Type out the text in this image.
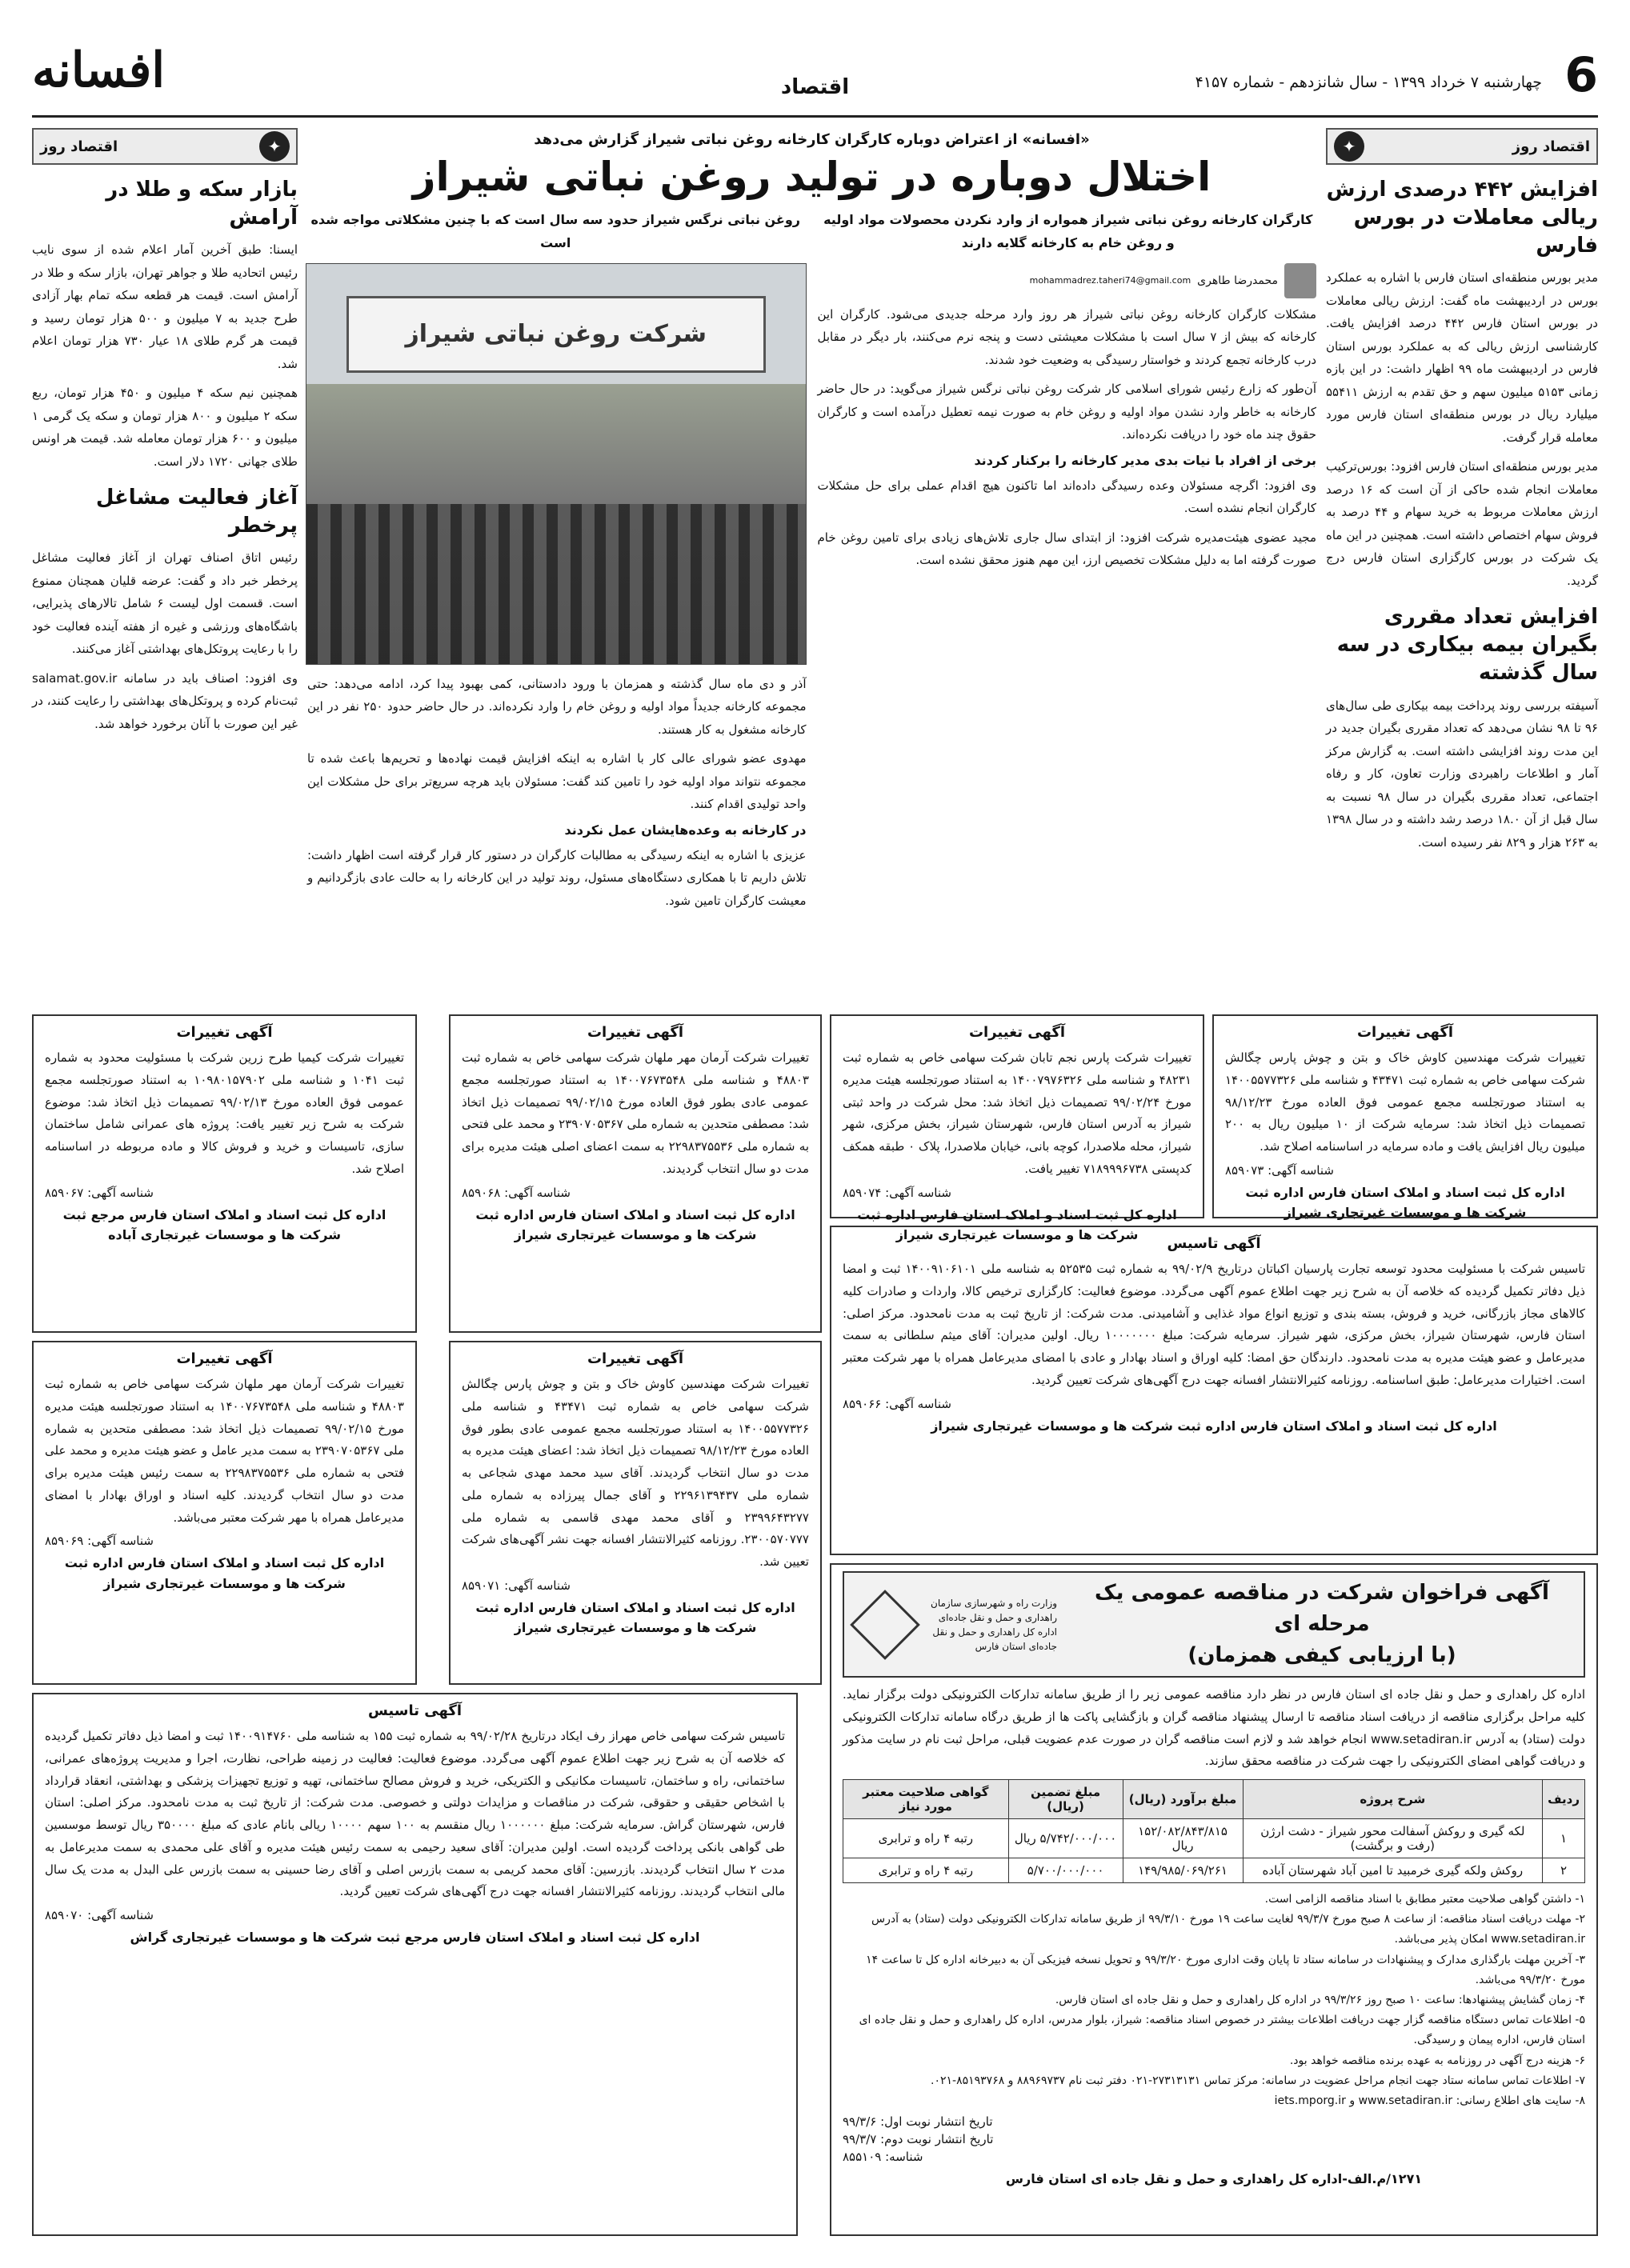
6
چهارشنبه ۷ خرداد ۱۳۹۹ - سال شانزدهم - شماره ۴۱۵۷
اقتصاد
افسانه
اقتصاد روز
✦
افزایش ۴۴۲ درصدی ارزش ریالی معاملات در بورس فارس

مدیر بورس منطقه‌ای استان فارس با اشاره به عملکرد بورس در اردیبهشت ماه گفت: ارزش ریالی معاملات در بورس استان فارس ۴۴۲ درصد افزایش یافت. کارشناسی ارزش ریالی که به عملکرد بورس استان فارس در اردیبهشت ماه ۹۹ اظهار داشت: در این بازه زمانی ۵۱۵۳ میلیون سهم و حق تقدم به ارزش ۵۵۴۱۱ میلیارد ریال در بورس منطقه‌ای استان فارس مورد معامله قرار گرفت.

مدیر بورس منطقه‌ای استان فارس افزود: بورس‌ترکیب معاملات انجام شده حاکی از آن است که ۱۶ درصد ارزش معاملات مربوط به خرید سهام و ۴۴ درصد به فروش سهام اختصاص داشته است. همچنین در این ماه یک شرکت در بورس کارگزاری استان فارس درج گردید.

افزایش تعداد مقرری بگیران بیمه بیکاری در سه سال گذشته

آسیفته بررسی روند پرداخت بیمه بیکاری طی سال‌های ۹۶ تا ۹۸ نشان می‌دهد که تعداد مقرری بگیران جدید در این مدت روند افزایشی داشته است. به گزارش مرکز آمار و اطلاعات راهبردی وزارت تعاون، کار و رفاه اجتماعی، تعداد مقرری بگیران در سال ۹۸ نسبت به سال قبل از آن ۱۸.۰ درصد رشد داشته و در سال ۱۳۹۸ به ۲۶۳ هزار و ۸۲۹ نفر رسیده است.

✦
اقتصاد روز
بازار سکه و طلا در آرامش

ایسنا: طبق آخرین آمار اعلام شده از سوی نایب رئیس اتحادیه طلا و جواهر تهران، بازار سکه و طلا در آرامش است. قیمت هر قطعه سکه تمام بهار آزادی طرح جدید به ۷ میلیون و ۵۰۰ هزار تومان رسید و قیمت هر گرم طلای ۱۸ عیار ۷۳۰ هزار تومان اعلام شد.

همچنین نیم سکه ۴ میلیون و ۴۵۰ هزار تومان، ربع سکه ۲ میلیون و ۸۰۰ هزار تومان و سکه یک گرمی ۱ میلیون و ۶۰۰ هزار تومان معامله شد. قیمت هر اونس طلای جهانی ۱۷۲۰ دلار است.

آغاز فعالیت مشاغل پرخطر

رئیس اتاق اصناف تهران از آغاز فعالیت مشاغل پرخطر خبر داد و گفت: عرضه قلیان همچنان ممنوع است. قسمت اول لیست ۶ شامل تالارهای پذیرایی، باشگاه‌های ورزشی و غیره از هفته آینده فعالیت خود را با رعایت پروتکل‌های بهداشتی آغاز می‌کنند.

وی افزود: اصناف باید در سامانه salamat.gov.ir ثبت‌نام کرده و پروتکل‌های بهداشتی را رعایت کنند، در غیر این صورت با آنان برخورد خواهد شد.

«افسانه» از اعتراض دوباره کارگران کارخانه روغن نباتی شیراز گزارش می‌دهد
اختلال دوباره در تولید روغن نباتی شیراز

کارگران کارخانه روغن نباتی شیراز همواره از وارد نکردن محصولات مواد اولیه و روغن خام به کارخانه گلایه دارند

روغن نباتی نرگس شیراز حدود سه سال است که با چنین مشکلاتی مواجه شده است

محمدرضا طاهری
mohammadrez.taheri74@gmail.com

مشکلات کارگران کارخانه روغن نباتی شیراز هر روز وارد مرحله جدیدی می‌شود. کارگران این کارخانه که بیش از ۷ سال است با مشکلات معیشتی دست و پنجه نرم می‌کنند، بار دیگر در مقابل درب کارخانه تجمع کردند و خواستار رسیدگی به وضعیت خود شدند.

آن‌طور که زارع رئیس شورای اسلامی کار شرکت روغن نباتی نرگس شیراز می‌گوید: در حال حاضر کارخانه به خاطر وارد نشدن مواد اولیه و روغن خام به صورت نیمه تعطیل درآمده است و کارگران حقوق چند ماه خود را دریافت نکرده‌اند.

برخی از افراد با نیات بدی مدیر کارخانه را برکنار کردند

وی افزود: اگرچه مسئولان وعده رسیدگی داده‌اند اما تاکنون هیچ اقدام عملی برای حل مشکلات کارگران انجام نشده است.

مجید عضوی هیئت‌مدیره شرکت افزود: از ابتدای سال جاری تلاش‌های زیادی برای تامین روغن خام صورت گرفته اما به دلیل مشکلات تخصیص ارز، این مهم هنوز محقق نشده است.

شرکت روغن نباتی شیراز

آذر و دی ماه سال گذشته و همزمان با ورود دادستانی، کمی بهبود پیدا کرد، ادامه می‌دهد: حتی مجموعه کارخانه جدیداً مواد اولیه و روغن خام را وارد نکرده‌اند. در حال حاضر حدود ۲۵۰ نفر در این کارخانه مشغول به کار هستند.

مهدوی عضو شورای عالی کار با اشاره به اینکه افزایش قیمت نهاده‌ها و تحریم‌ها باعث شده تا مجموعه نتواند مواد اولیه خود را تامین کند گفت: مسئولان باید هرچه سریع‌تر برای حل مشکلات این واحد تولیدی اقدام کنند.

در کارخانه به وعده‌هایشان عمل نکردند

عزیزی با اشاره به اینکه رسیدگی به مطالبات کارگران در دستور کار قرار گرفته است اظهار داشت: تلاش داریم تا با همکاری دستگاه‌های مسئول، روند تولید در این کارخانه را به حالت عادی بازگردانیم و معیشت کارگران تامین شود.

آگهی تغییرات

تغییرات شرکت مهندسین کاوش خاک و بتن و چوش پارس چگالش شرکت سهامی خاص به شماره ثبت ۴۳۴۷۱ و شناسه ملی ۱۴۰۰۵۵۷۷۳۲۶ به استناد صورتجلسه مجمع عمومی فوق العاده مورخ ۹۸/۱۲/۲۳ تصمیمات ذیل اتخاذ شد: سرمایه شرکت از ۱۰ میلیون ریال به ۲۰۰ میلیون ریال افزایش یافت و ماده سرمایه در اساسنامه اصلاح شد.

شناسه آگهی: ۸۵۹۰۷۳
اداره کل ثبت اسناد و املاک استان فارس اداره ثبت شرکت ها و موسسات غیرتجاری شیراز
آگهی تغییرات

تغییرات شرکت پارس نجم تابان شرکت سهامی خاص به شماره ثبت ۴۸۲۳۱ و شناسه ملی ۱۴۰۰۷۹۷۶۳۲۶ به استناد صورتجلسه هیئت مدیره مورخ ۹۹/۰۲/۲۴ تصمیمات ذیل اتخاذ شد: محل شرکت در واحد ثبتی شیراز به آدرس استان فارس، شهرستان شیراز، بخش مرکزی، شهر شیراز، محله ملاصدرا، کوچه بانی، خیابان ملاصدرا، پلاک ۰ طبقه همکف کدپستی ۷۱۸۹۹۹۶۷۳۸ تغییر یافت.

شناسه آگهی: ۸۵۹۰۷۴
اداره کل ثبت اسناد و املاک استان فارس اداره ثبت شرکت ها و موسسات غیرتجاری شیراز
آگهی تغییرات

تغییرات شرکت آرمان مهر ملهان شرکت سهامی خاص به شماره ثبت ۴۸۸۰۳ و شناسه ملی ۱۴۰۰۷۶۷۳۵۴۸ به استناد صورتجلسه مجمع عمومی عادی بطور فوق العاده مورخ ۹۹/۰۲/۱۵ تصمیمات ذیل اتخاذ شد: مصطفی متحدین به شماره ملی ۲۳۹۰۷۰۵۳۶۷ و محمد علی فتحی به شماره ملی ۲۲۹۸۳۷۵۵۳۶ به سمت اعضای اصلی هیئت مدیره برای مدت دو سال انتخاب گردیدند.

شناسه آگهی: ۸۵۹۰۶۸
اداره کل ثبت اسناد و املاک استان فارس اداره ثبت شرکت ها و موسسات غیرتجاری شیراز
آگهی تغییرات

تغییرات شرکت کیمیا طرح زرین شرکت با مسئولیت محدود به شماره ثبت ۱۰۴۱ و شناسه ملی ۱۰۹۸۰۱۵۷۹۰۲ به استناد صورتجلسه مجمع عمومی فوق العاده مورخ ۹۹/۰۲/۱۳ تصمیمات ذیل اتخاذ شد: موضوع شرکت به شرح زیر تغییر یافت: پروژه های عمرانی شامل ساختمان سازی، تاسیسات و خرید و فروش کالا و ماده مربوطه در اساسنامه اصلاح شد.

شناسه آگهی: ۸۵۹۰۶۷
اداره کل ثبت اسناد و املاک استان فارس مرجع ثبت شرکت ها و موسسات غیرتجاری آباده
آگهی تاسیس

تاسیس شرکت با مسئولیت محدود توسعه تجارت پارسیان اکباتان درتاریخ ۹۹/۰۲/۹ به شماره ثبت ۵۲۵۳۵ به شناسه ملی ۱۴۰۰۹۱۰۶۱۰۱ ثبت و امضا ذیل دفاتر تکمیل گردیده که خلاصه آن به شرح زیر جهت اطلاع عموم آگهی می‌گردد. موضوع فعالیت: کارگزاری ترخیص کالا، واردات و صادرات کلیه کالاهای مجاز بازرگانی، خرید و فروش، بسته بندی و توزیع انواع مواد غذایی و آشامیدنی. مدت شرکت: از تاریخ ثبت به مدت نامحدود. مرکز اصلی: استان فارس، شهرستان شیراز، بخش مرکزی، شهر شیراز. سرمایه شرکت: مبلغ ۱۰۰۰۰۰۰۰ ریال. اولین مدیران: آقای میثم سلطانی به سمت مدیرعامل و عضو هیئت مدیره به مدت نامحدود. دارندگان حق امضا: کلیه اوراق و اسناد بهادار و عادی با امضای مدیرعامل همراه با مهر شرکت معتبر است. اختیارات مدیرعامل: طبق اساسنامه. روزنامه کثیرالانتشار افسانه جهت درج آگهی‌های شرکت تعیین گردید.

شناسه آگهی: ۸۵۹۰۶۶
اداره کل ثبت اسناد و املاک استان فارس اداره ثبت شرکت ها و موسسات غیرتجاری شیراز
آگهی تغییرات

تغییرات شرکت مهندسین کاوش خاک و بتن و چوش پارس چگالش شرکت سهامی خاص به شماره ثبت ۴۳۴۷۱ و شناسه ملی ۱۴۰۰۵۵۷۷۳۲۶ به استناد صورتجلسه مجمع عمومی عادی بطور فوق العاده مورخ ۹۸/۱۲/۲۳ تصمیمات ذیل اتخاذ شد: اعضای هیئت مدیره به مدت دو سال انتخاب گردیدند. آقای سید محمد مهدی شجاعی به شماره ملی ۲۲۹۶۱۳۹۴۳۷ و آقای جمال پیرزاده به شماره ملی ۲۳۹۹۶۴۳۲۷۷ و آقای محمد مهدی قاسمی به شماره ملی ۲۳۰۰۵۷۰۷۷۷. روزنامه کثیرالانتشار افسانه جهت نشر آگهی‌های شرکت تعیین شد.

شناسه آگهی: ۸۵۹۰۷۱
اداره کل ثبت اسناد و املاک استان فارس اداره ثبت شرکت ها و موسسات غیرتجاری شیراز
آگهی تغییرات

تغییرات شرکت آرمان مهر ملهان شرکت سهامی خاص به شماره ثبت ۴۸۸۰۳ و شناسه ملی ۱۴۰۰۷۶۷۳۵۴۸ به استناد صورتجلسه هیئت مدیره مورخ ۹۹/۰۲/۱۵ تصمیمات ذیل اتخاذ شد: مصطفی متحدین به شماره ملی ۲۳۹۰۷۰۵۳۶۷ به سمت مدیر عامل و عضو هیئت مدیره و محمد علی فتحی به شماره ملی ۲۲۹۸۳۷۵۵۳۶ به سمت رئیس هیئت مدیره برای مدت دو سال انتخاب گردیدند. کلیه اسناد و اوراق بهادار با امضای مدیرعامل همراه با مهر شرکت معتبر می‌باشد.

شناسه آگهی: ۸۵۹۰۶۹
اداره کل ثبت اسناد و املاک استان فارس اداره ثبت شرکت ها و موسسات غیرتجاری شیراز
آگهی تاسیس

تاسیس شرکت سهامی خاص مهراز رف ایکاد درتاریخ ۹۹/۰۲/۲۸ به شماره ثبت ۱۵۵ به شناسه ملی ۱۴۰۰۹۱۴۷۶۰ ثبت و امضا ذیل دفاتر تکمیل گردیده که خلاصه آن به شرح زیر جهت اطلاع عموم آگهی می‌گردد. موضوع فعالیت: فعالیت در زمینه طراحی، نظارت، اجرا و مدیریت پروژه‌های عمرانی، ساختمانی، راه و ساختمان، تاسیسات مکانیکی و الکتریکی، خرید و فروش مصالح ساختمانی، تهیه و توزیع تجهیزات پزشکی و بهداشتی، انعقاد قرارداد با اشخاص حقیقی و حقوقی، شرکت در مناقصات و مزایدات دولتی و خصوصی. مدت شرکت: از تاریخ ثبت به مدت نامحدود. مرکز اصلی: استان فارس، شهرستان گراش. سرمایه شرکت: مبلغ ۱۰۰۰۰۰۰ ریال منقسم به ۱۰۰ سهم ۱۰۰۰۰ ریالی بانام عادی که مبلغ ۳۵۰۰۰۰ ریال توسط موسسین طی گواهی بانکی پرداخت گردیده است. اولین مدیران: آقای سعید رحیمی به سمت رئیس هیئت مدیره و آقای علی محمدی به سمت مدیرعامل به مدت ۲ سال انتخاب گردیدند. بازرسین: آقای محمد کریمی به سمت بازرس اصلی و آقای رضا حسینی به سمت بازرس علی البدل به مدت یک سال مالی انتخاب گردیدند. روزنامه کثیرالانتشار افسانه جهت درج آگهی‌های شرکت تعیین گردید.

شناسه آگهی: ۸۵۹۰۷۰
اداره کل ثبت اسناد و املاک استان فارس مرجع ثبت شرکت ها و موسسات غیرتجاری گراش
آگهی فراخوان شرکت در مناقصه عمومی یک مرحله ای
(با ارزیابی کیفی همزمان)
وزارت راه و شهرسازی سازمان راهداری و حمل و نقل جاده‌ای اداره کل راهداری و حمل و نقل جاده‌ای استان فارس

اداره کل راهداری و حمل و نقل جاده ای استان فارس در نظر دارد مناقصه عمومی زیر را از طریق سامانه تدارکات الکترونیکی دولت برگزار نماید. کلیه مراحل برگزاری مناقصه از دریافت اسناد مناقصه تا ارسال پیشنهاد مناقصه گران و بازگشایی پاکت ها از طریق درگاه سامانه تدارکات الکترونیکی دولت (ستاد) به آدرس www.setadiran.ir انجام خواهد شد و لازم است مناقصه گران در صورت عدم عضویت قبلی، مراحل ثبت نام در سایت مذکور و دریافت گواهی امضای الکترونیکی را جهت شرکت در مناقصه محقق سازند.

ردیف	شرح پروژه	مبلغ برآورد (ریال)	مبلغ تضمین (ریال)	گواهی صلاحیت معتبر مورد نیاز
۱	لکه گیری و روکش آسفالت محور شیراز - دشت ارژن (رفت و برگشت)	۱۵۲/۰۸۲/۸۴۳/۸۱۵ ریال	۵/۷۴۲/۰۰۰/۰۰۰ ریال	رتبه ۴ راه و ترابری
۲	روکش ولکه گیری خرمبید تا امین آباد شهرستان آباده	۱۴۹/۹۸۵/۰۶۹/۲۶۱	۵/۷۰۰/۰۰۰/۰۰۰	رتبه ۴ راه و ترابری
۱- داشتن گواهی صلاحیت معتبر مطابق با اسناد مناقصه الزامی است.
۲- مهلت دریافت اسناد مناقصه: از ساعت ۸ صبح مورخ ۹۹/۳/۷ لغایت ساعت ۱۹ مورخ ۹۹/۳/۱۰ از طریق سامانه تدارکات الکترونیکی دولت (ستاد) به آدرس www.setadiran.ir امکان پذیر می‌باشد.
۳- آخرین مهلت بارگذاری مدارک و پیشنهادات در سامانه ستاد تا پایان وقت اداری مورخ ۹۹/۳/۲۰ و تحویل نسخه فیزیکی آن به دبیرخانه اداره کل تا ساعت ۱۴ مورخ ۹۹/۳/۲۰ می‌باشد.
۴- زمان گشایش پیشنهادها: ساعت ۱۰ صبح روز ۹۹/۳/۲۶ در اداره کل راهداری و حمل و نقل جاده ای استان فارس.
۵- اطلاعات تماس دستگاه مناقصه گزار جهت دریافت اطلاعات بیشتر در خصوص اسناد مناقصه: شیراز، بلوار مدرس، اداره کل راهداری و حمل و نقل جاده ای استان فارس، اداره پیمان و رسیدگی.
۶- هزینه درج آگهی در روزنامه به عهده برنده مناقصه خواهد بود.
۷- اطلاعات تماس سامانه ستاد جهت انجام مراحل عضویت در سامانه: مرکز تماس ۲۷۳۱۳۱۳۱-۰۲۱ دفتر ثبت نام ۸۸۹۶۹۷۳۷ و ۸۵۱۹۳۷۶۸-۰۲۱.
۸- سایت های اطلاع رسانی: www.setadiran.ir و iets.mporg.ir
تاریخ انتشار نوبت اول: ۹۹/۳/۶
تاریخ انتشار نوبت دوم: ۹۹/۳/۷
شناسه: ۸۵۵۱۰۹
۱۲۷۱/م.الف-اداره کل راهداری و حمل و نقل جاده ای استان فارس
